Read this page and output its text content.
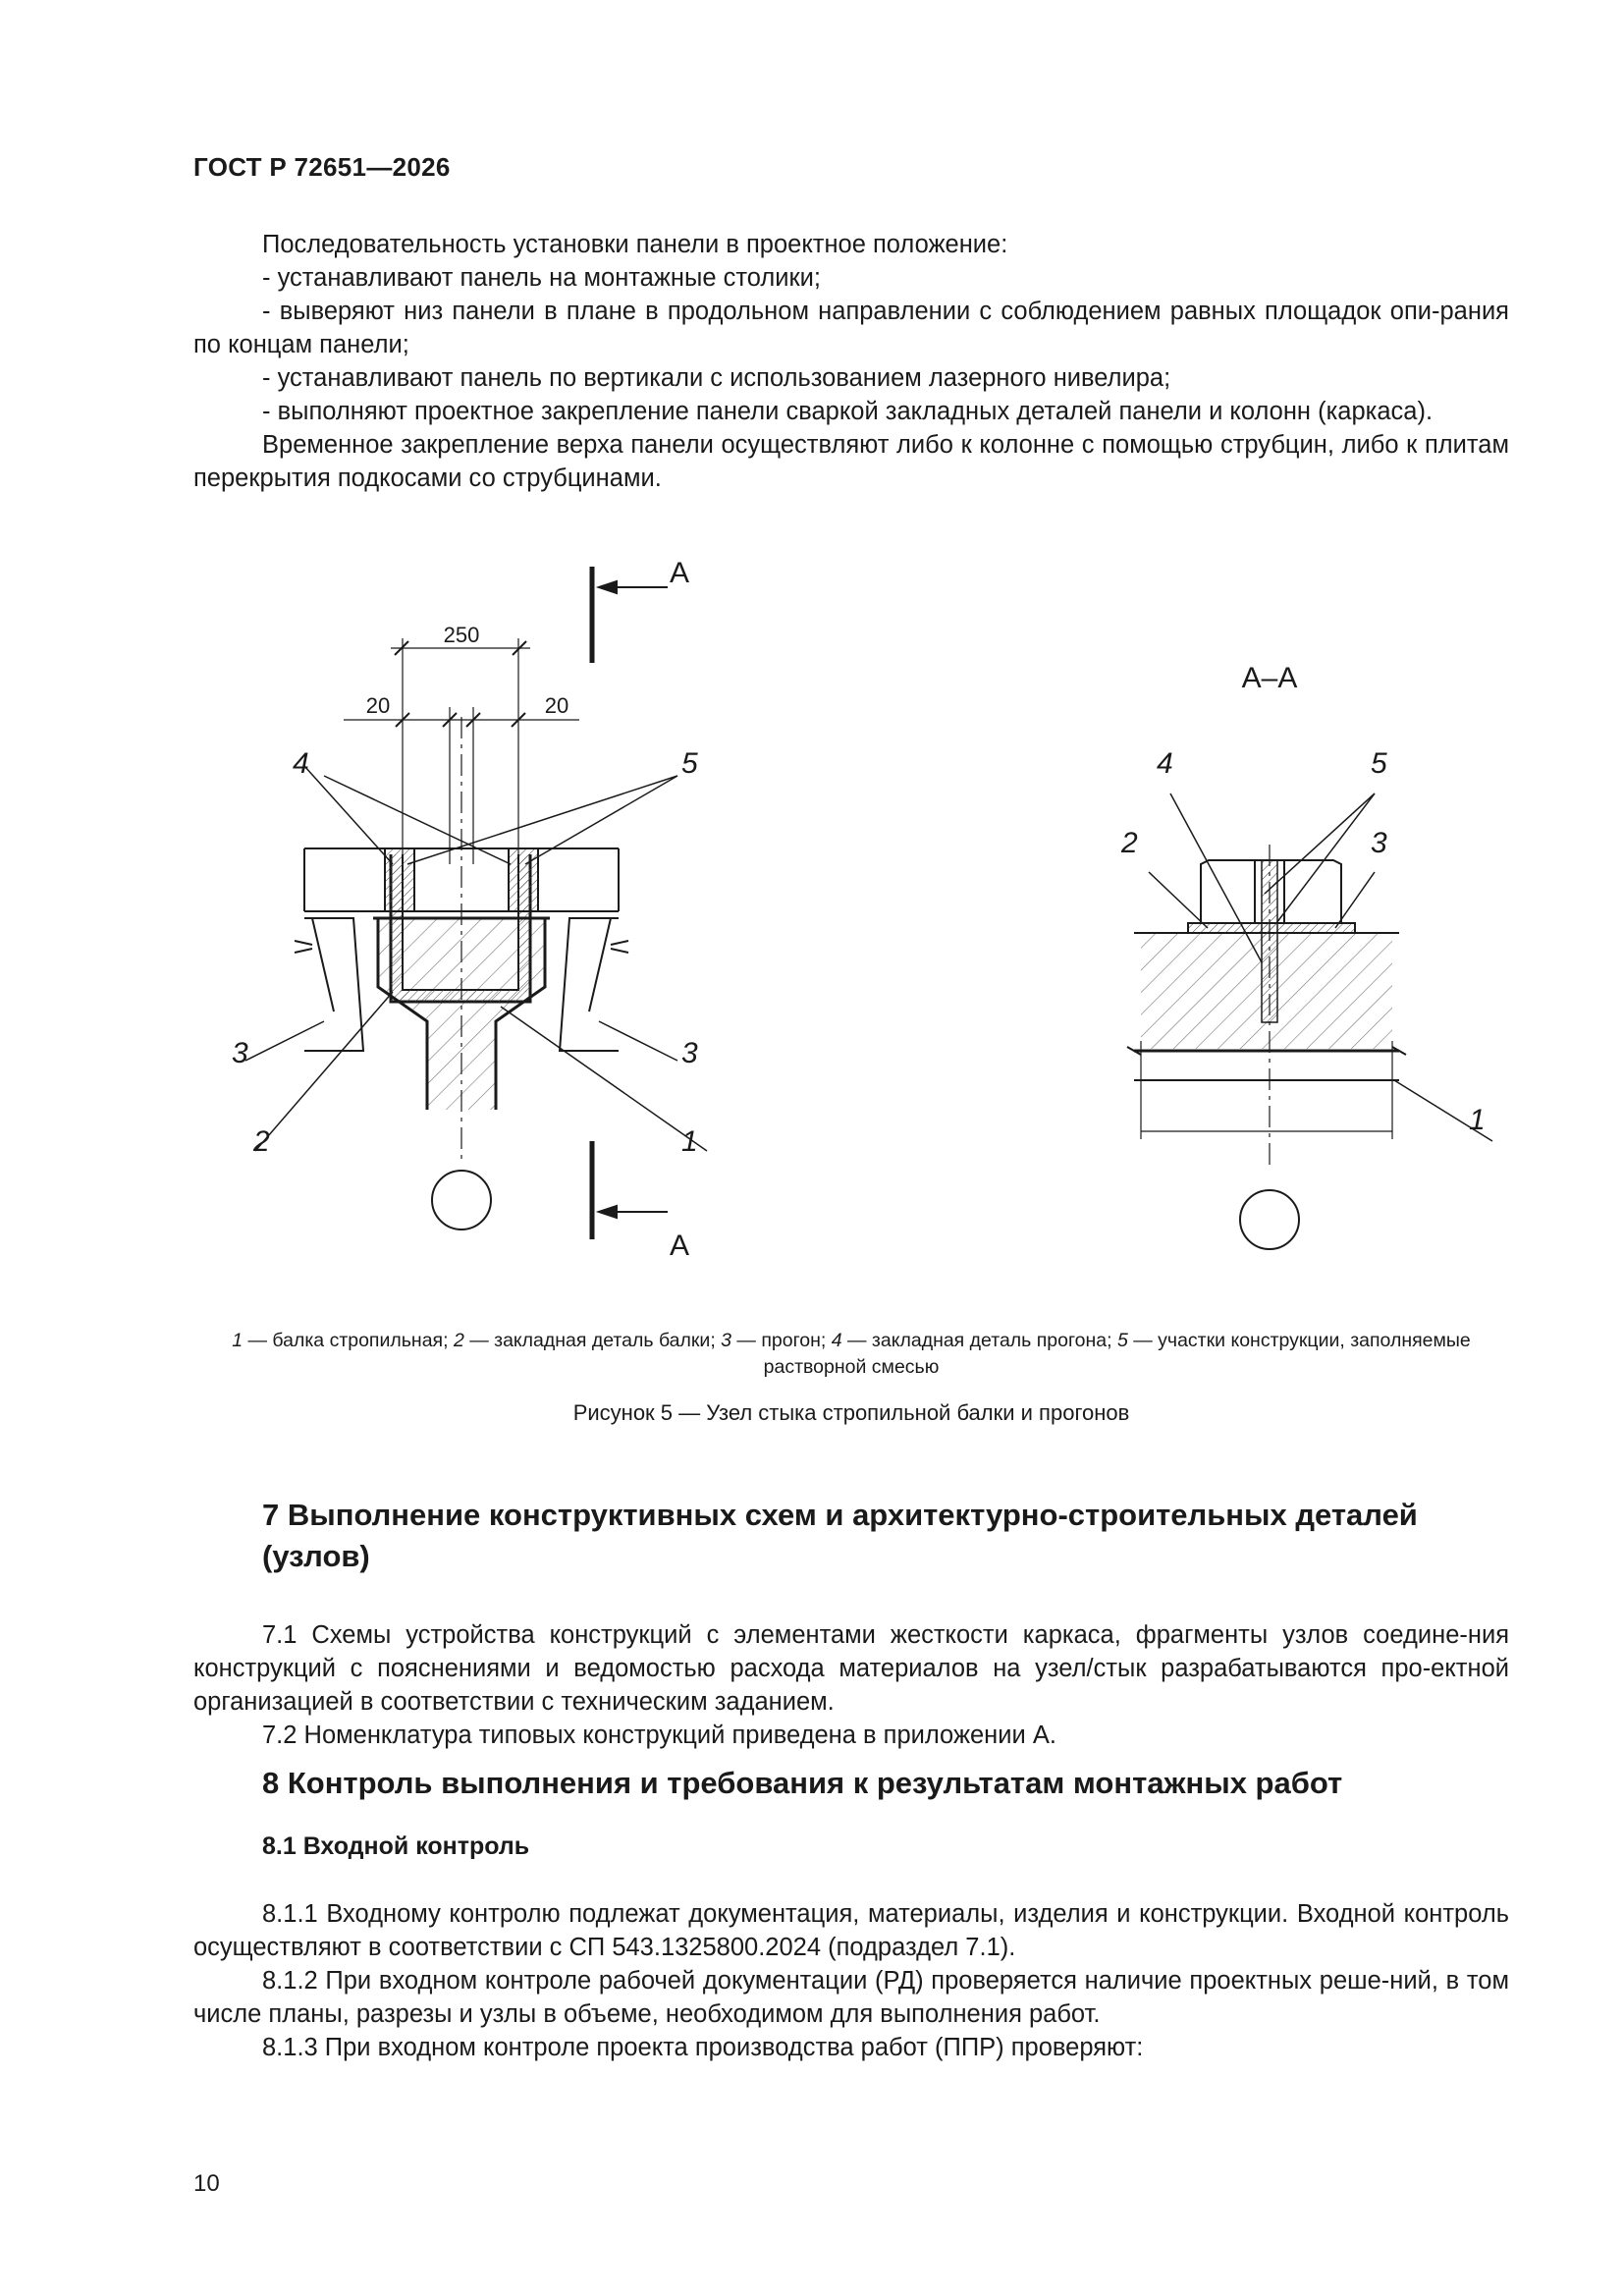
ГОСТ Р 72651—2026

Последовательность установки панели в проектное положение:

- устанавливают панель на монтажные столики;

- выверяют низ панели в плане в продольном направлении с соблюдением равных площадок опи-рания по концам панели;

- устанавливают панель по вертикали с использованием лазерного нивелира;

- выполняют проектное закрепление панели сваркой закладных деталей панели и колонн (каркаса).

Временное закрепление верха панели осуществляют либо к колонне с помощью струбцин, либо к плитам перекрытия подкосами со струбцинами.

250
20	20
А
А
4	5
3	3
2	1
А–А
4	5
2	3
1
1 — балка стропильная; 2 — закладная деталь балки; 3 — прогон; 4 — закладная деталь прогона; 5 — участки конструкции, заполняемые растворной смесью
Рисунок 5 — Узел стыка стропильной балки и прогонов
7 Выполнение конструктивных схем и архитектурно-строительных деталей (узлов)

7.1 Схемы устройства конструкций с элементами жесткости каркаса, фрагменты узлов соедине-ния конструкций с пояснениями и ведомостью расхода материалов на узел/стык разрабатываются про-ектной организацией в соответствии с техническим заданием.

7.2 Номенклатура типовых конструкций приведена в приложении А.

8 Контроль выполнения и требования к результатам монтажных работ
8.1 Входной контроль

8.1.1 Входному контролю подлежат документация, материалы, изделия и конструкции. Входной контроль осуществляют в соответствии с СП 543.1325800.2024 (подраздел 7.1).

8.1.2 При входном контроле рабочей документации (РД) проверяется наличие проектных реше-ний, в том числе планы, разрезы и узлы в объеме, необходимом для выполнения работ.

8.1.3 При входном контроле проекта производства работ (ППР) проверяют:

10
